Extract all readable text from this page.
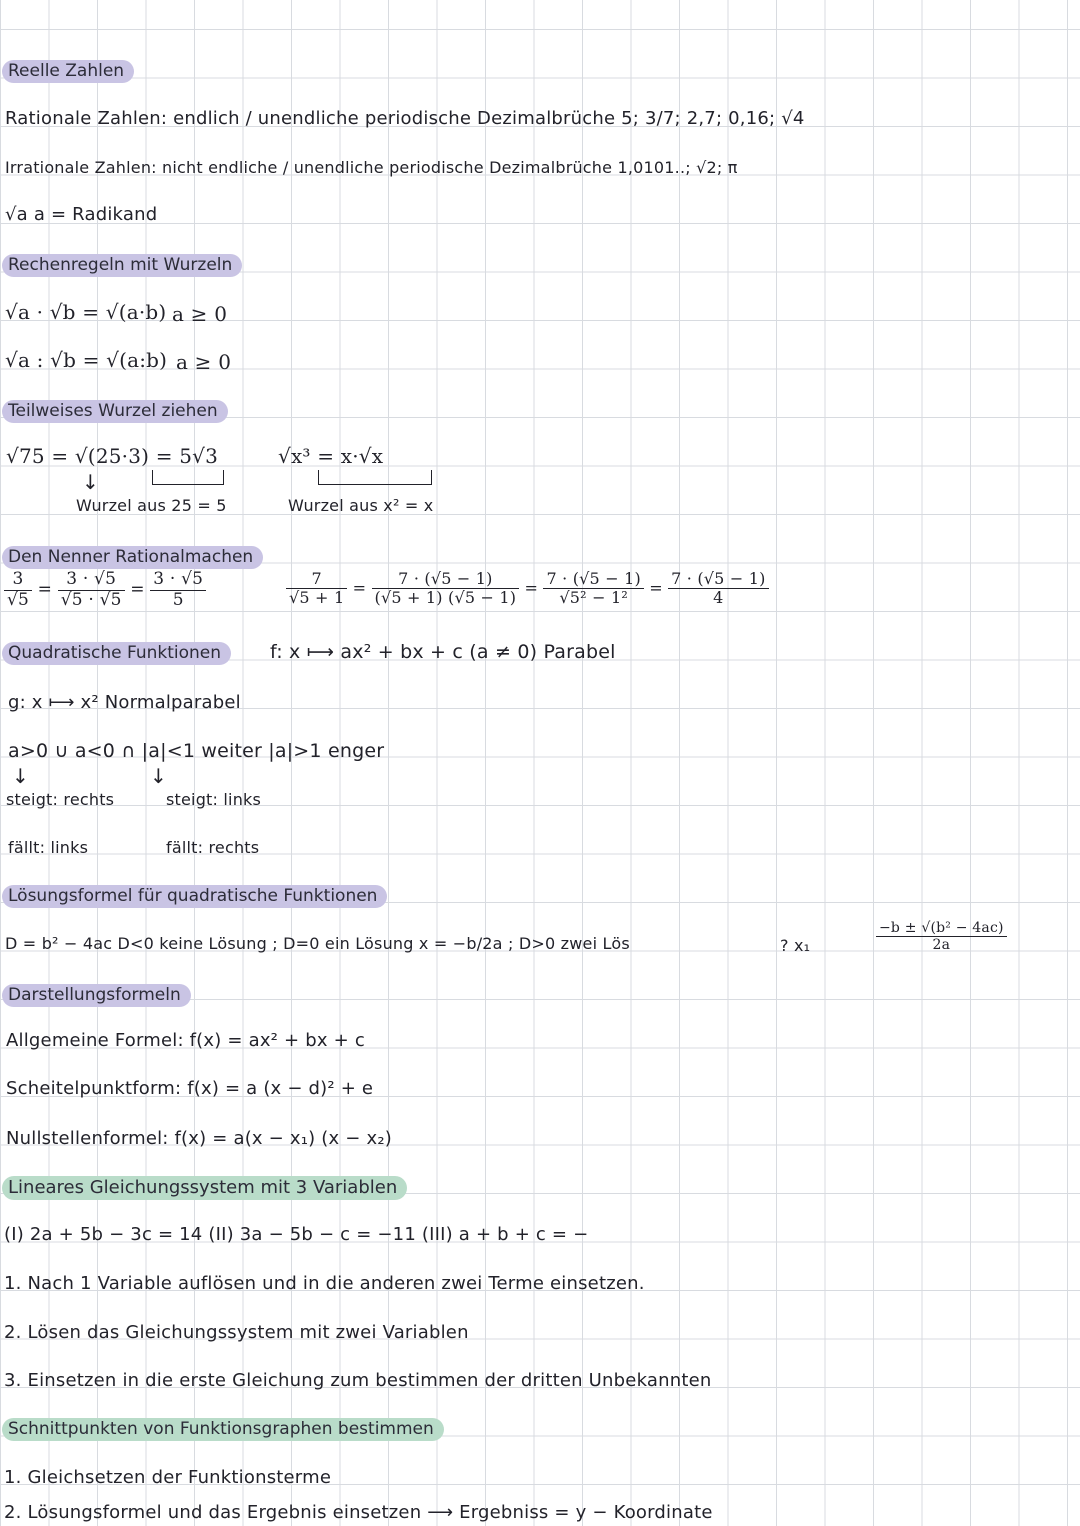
Reelle Zahlen
Rationale Zahlen: endlich / unendliche periodische Dezimalbrüche 5; 3/7; 2,7; 0,16; √4
Irrationale Zahlen: nicht endliche / unendliche periodische Dezimalbrüche 1,0101..; √2; π
√a a = Radikand
Rechenregeln mit Wurzeln
√a · √b = √(a·b) a ≥ 0
√a : √b = √(a:b) a ≥ 0
Teilweises Wurzel ziehen
√75 = √(25·3) = 5√3
↓
Wurzel aus 25 = 5
√x³ = x·√x
Wurzel aus x² = x
Den Nenner Rationalmachen
$\frac{3}{√5} = \frac{3 \cdot √5}{√5 \cdot √5} = \frac{3 \cdot √5}{5}$	$\frac{7}{√5 + 1} = \frac{7 \cdot (√5 - 1)}{(√5 + 1) (√5 - 1)} = \frac{7 \cdot (√5 - 1)}{\text{√5² − 1²}} = \frac{7 \cdot (√5 - 1)}{4}$
Quadratische Funktionen	f: x ⟼ ax² + bx + c (a ≠ 0) Parabel
g: x ⟼ x² Normalparabel
a>0 ∪ a<0 ∩ |a|<1 weiter |a|>1 enger
↓	↓
steigt: rechts	steigt: links
fällt: links	fällt: rechts
Lösungsformel für quadratische Funktionen
D = b² − 4ac D<0 keine Lösung ; D=0 ein Lösung x = −b/2a ; D>0 zwei Lös	? x₁	$\frac{\text{−b ± √(b² − 4ac)}}{2a}$
Darstellungsformeln
Allgemeine Formel: f(x) = ax² + bx + c
Scheitelpunktform: f(x) = a (x − d)² + e
Nullstellenformel: f(x) = a(x − x₁) (x − x₂)
Lineares Gleichungssystem mit 3 Variablen
(I) 2a + 5b − 3c = 14 (II) 3a − 5b − c = −11 (III) a + b + c = −
1. Nach 1 Variable auflösen und in die anderen zwei Terme einsetzen.
2. Lösen das Gleichungssystem mit zwei Variablen
3. Einsetzen in die erste Gleichung zum bestimmen der dritten Unbekannten
Schnittpunkten von Funktionsgraphen bestimmen
1. Gleichsetzen der Funktionsterme
2. Lösungsformel und das Ergebnis einsetzen ⟶ Ergebniss = y − Koordinate
